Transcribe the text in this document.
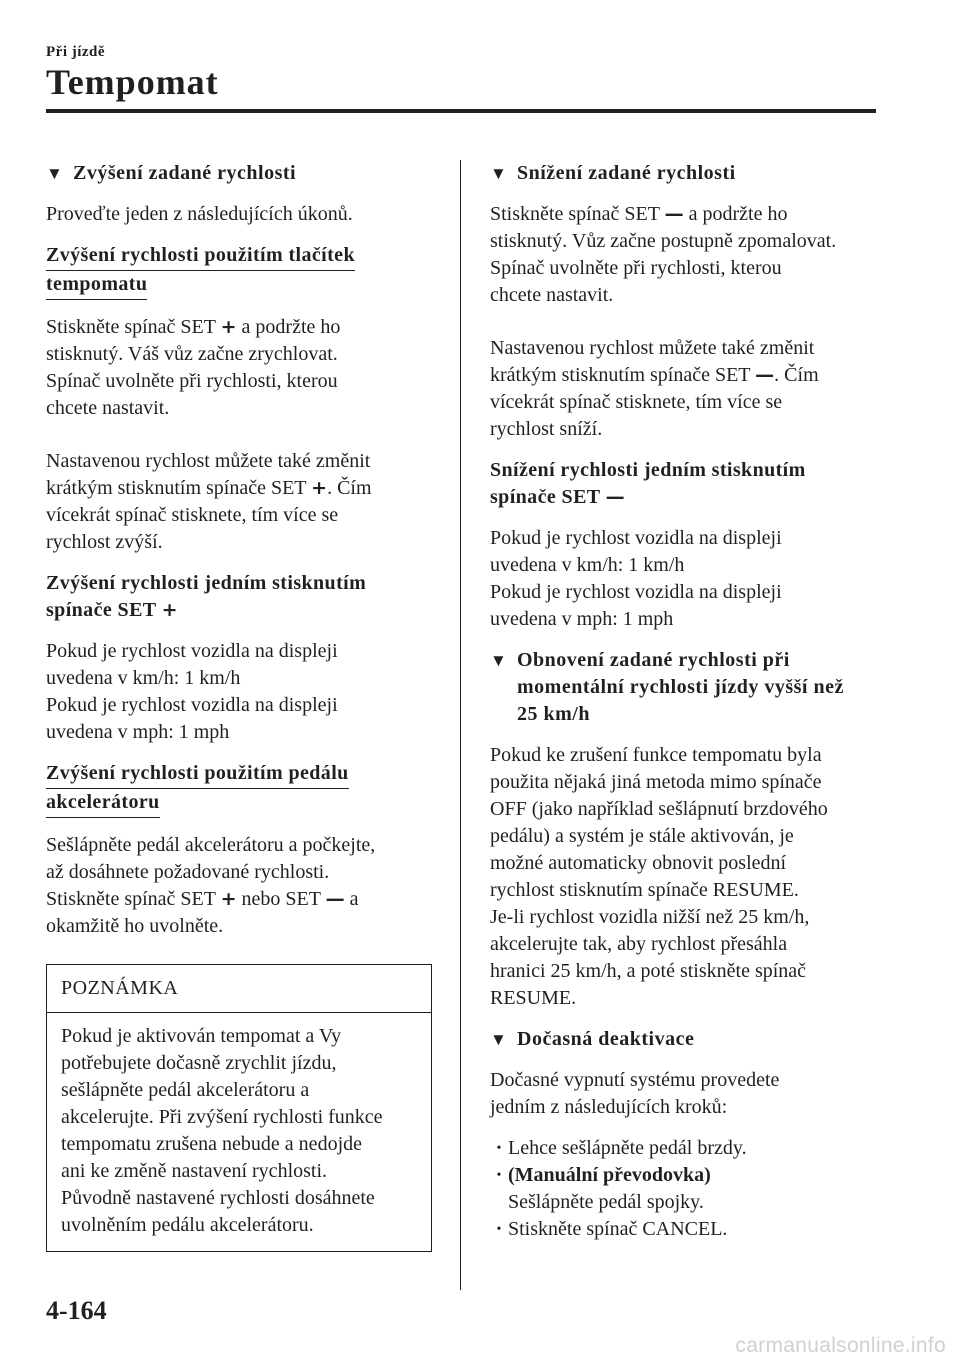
Při jízdě
Tempomat
▼ Zvýšení zadané rychlosti

Proveďte jeden z následujících úkonů.

Zvýšení rychlosti použitím tlačítek
tempomatu

Stiskněte spínač SET + a podržte ho
stisknutý. Váš vůz začne zrychlovat.
Spínač uvolněte při rychlosti, kterou
chcete nastavit.

Nastavenou rychlost můžete také změnit
krátkým stisknutím spínače SET +. Čím
vícekrát spínač stisknete, tím více se
rychlost zvýší.

Zvýšení rychlosti jedním stisknutím
spínače SET +

Pokud je rychlost vozidla na displeji
uvedena v km/h: 1 km/h
Pokud je rychlost vozidla na displeji
uvedena v mph: 1 mph

Zvýšení rychlosti použitím pedálu
akcelerátoru

Sešlápněte pedál akcelerátoru a počkejte,
až dosáhnete požadované rychlosti.
Stiskněte spínač SET + nebo SET — a
okamžitě ho uvolněte.

POZNÁMKA
Pokud je aktivován tempomat a Vy
potřebujete dočasně zrychlit jízdu,
sešlápněte pedál akcelerátoru a
akcelerujte. Při zvýšení rychlosti funkce
tempomatu zrušena nebude a nedojde
ani ke změně nastavení rychlosti.
Původně nastavené rychlosti dosáhnete
uvolněním pedálu akcelerátoru.
▼ Snížení zadané rychlosti

Stiskněte spínač SET — a podržte ho
stisknutý. Vůz začne postupně zpomalovat.
Spínač uvolněte při rychlosti, kterou
chcete nastavit.

Nastavenou rychlost můžete také změnit
krátkým stisknutím spínače SET —. Čím
vícekrát spínač stisknete, tím více se
rychlost sníží.

Snížení rychlosti jedním stisknutím
spínače SET —

Pokud je rychlost vozidla na displeji
uvedena v km/h: 1 km/h
Pokud je rychlost vozidla na displeji
uvedena v mph: 1 mph

▼ Obnovení zadané rychlosti při
momentální rychlosti jízdy vyšší než
25 km/h

Pokud ke zrušení funkce tempomatu byla
použita nějaká jiná metoda mimo spínače
OFF (jako například sešlápnutí brzdového
pedálu) a systém je stále aktivován, je
možné automaticky obnovit poslední
rychlost stisknutím spínače RESUME.
Je-li rychlost vozidla nižší než 25 km/h,
akcelerujte tak, aby rychlost přesáhla
hranici 25 km/h, a poté stiskněte spínač
RESUME.

▼ Dočasná deaktivace

Dočasné vypnutí systému provedete
jedním z následujících kroků:

• Lehce sešlápněte pedál brzdy.
• (Manuální převodovka)
Sešlápněte pedál spojky.
• Stiskněte spínač CANCEL.
4-164
carmanualsonline.info
